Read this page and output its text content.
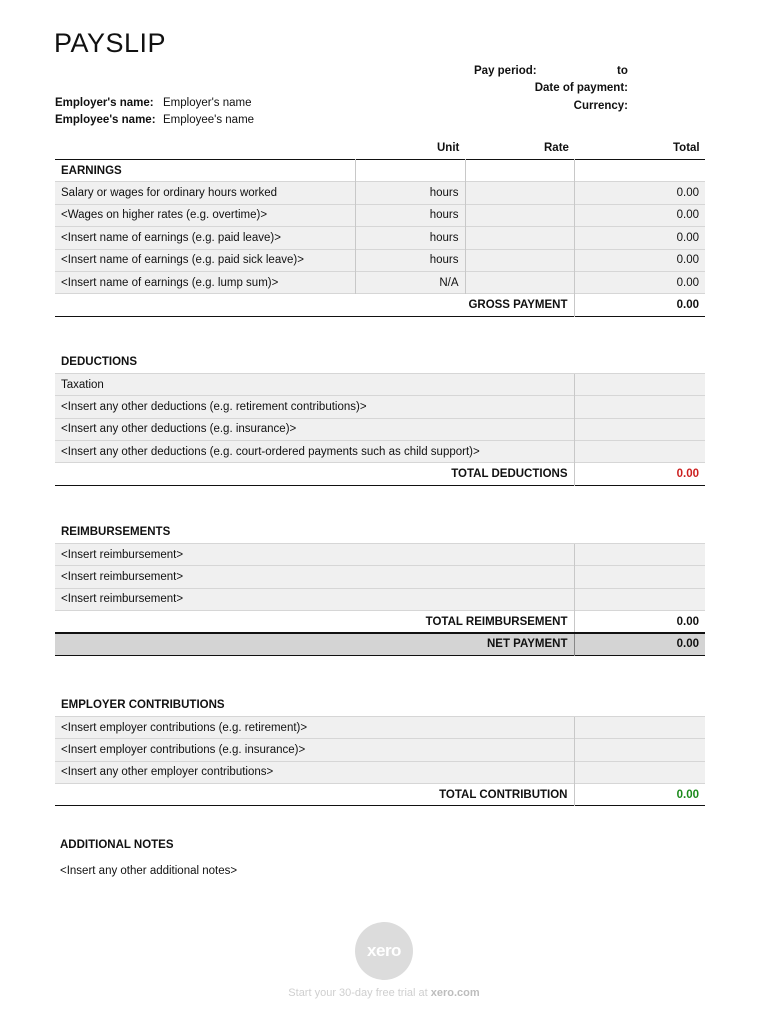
PAYSLIP
Pay period:	to
Date of payment:
Currency:
Employer's name: Employer's name
Employee's name: Employee's name
Unit	Rate	Total
EARNINGS			
Salary or wages for ordinary hours worked	hours		0.00
<Wages on higher rates (e.g. overtime)>	hours		0.00
<Insert name of earnings (e.g. paid leave)>	hours		0.00
<Insert name of earnings (e.g. paid sick leave)>	hours		0.00
<Insert name of earnings (e.g. lump sum)>	N/A		0.00
GROSS PAYMENT			0.00
DEDUCTIONS	
Taxation	
<Insert any other deductions (e.g. retirement contributions)>	
<Insert any other deductions (e.g. insurance)>	
<Insert any other deductions (e.g. court-ordered payments such as child support)>	
TOTAL DEDUCTIONS	0.00
REIMBURSEMENTS	
<Insert reimbursement>	
<Insert reimbursement>	
<Insert reimbursement>	
TOTAL REIMBURSEMENT	0.00
NET PAYMENT	0.00
EMPLOYER CONTRIBUTIONS	
<Insert employer contributions (e.g. retirement)>	
<Insert employer contributions (e.g. insurance)>	
<Insert any other employer contributions>	
TOTAL CONTRIBUTION	0.00
ADDITIONAL NOTES
<Insert any other additional notes>
xero
Start your 30-day free trial at xero.com
